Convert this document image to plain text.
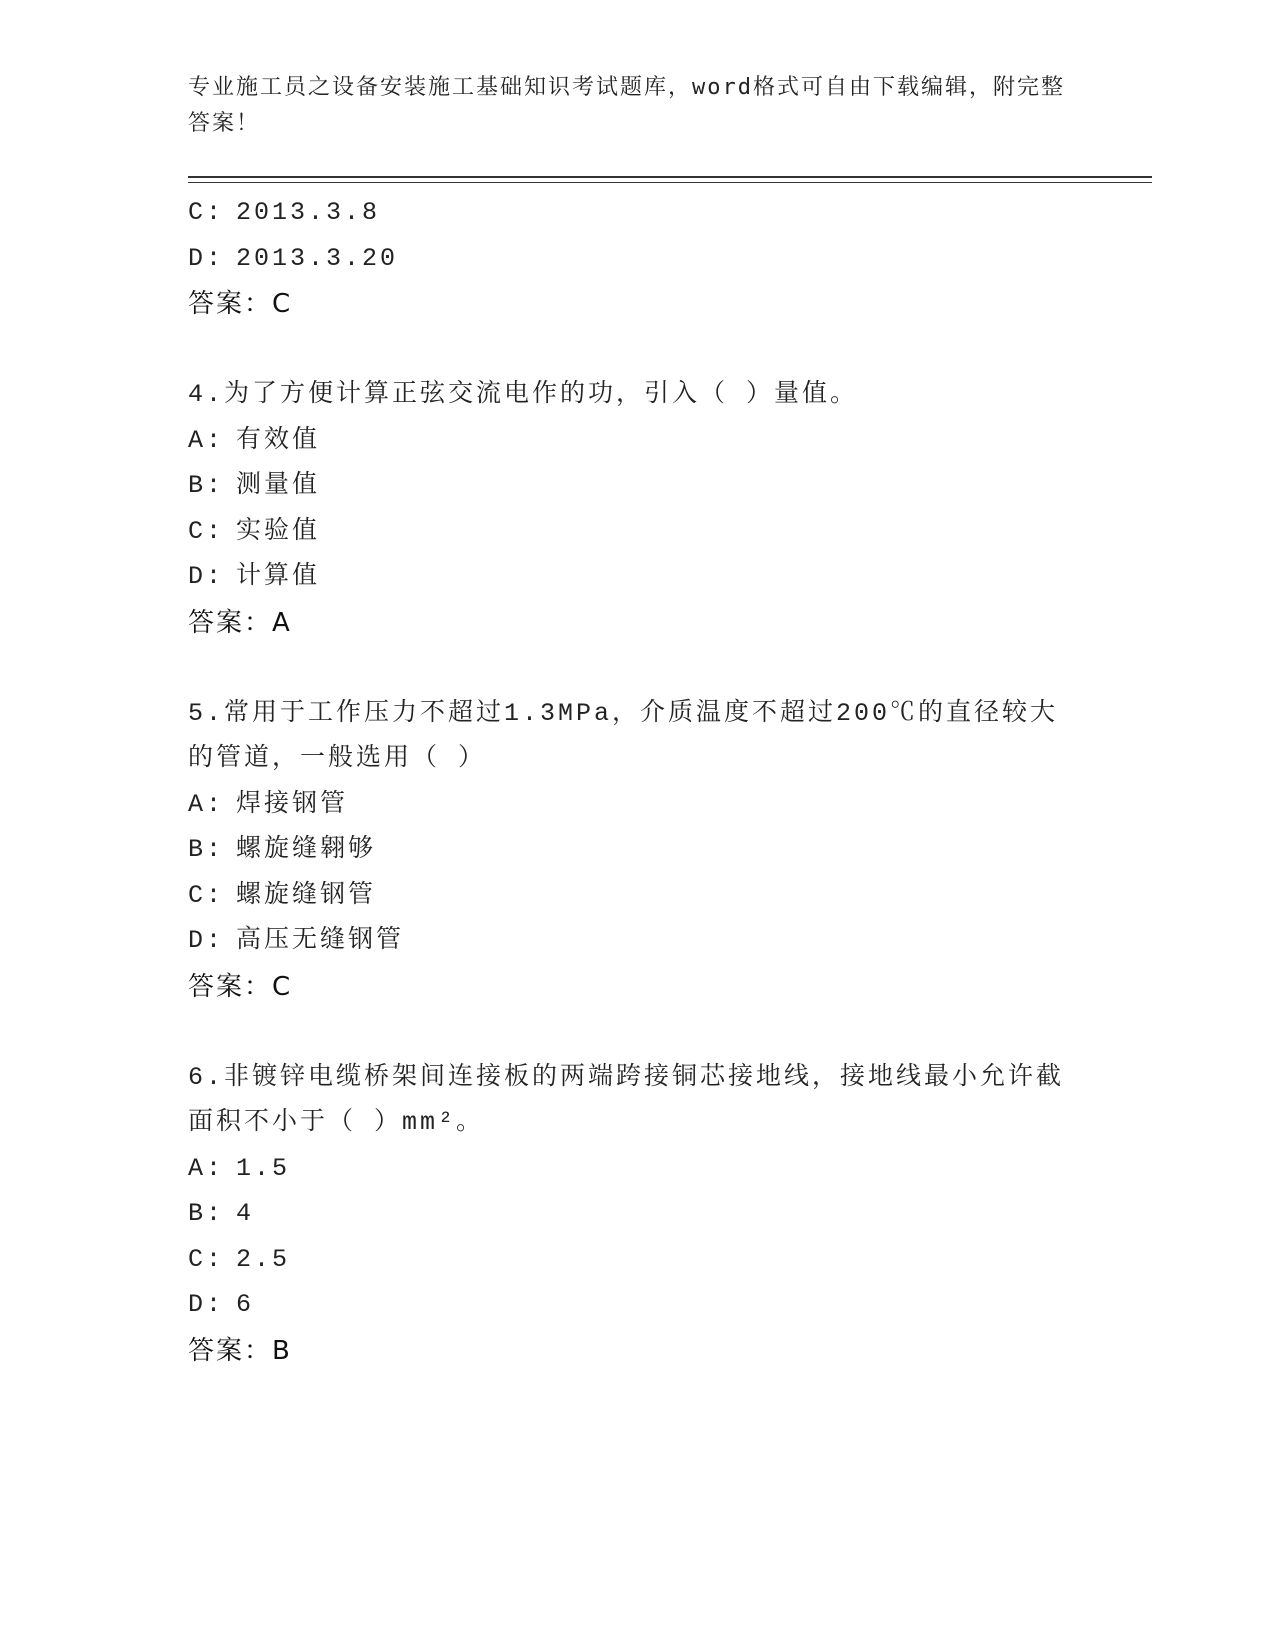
专业施工员之设备安装施工基础知识考试题库，word格式可自由下载编辑，附完整答案！
C: 2013.3.8
D: 2013.3.20
答案：C
4.为了方便计算正弦交流电作的功，引入（ ）量值。
A: 有效值
B: 测量值
C: 实验值
D: 计算值
答案：A
5.常用于工作压力不超过1.3MPa，介质温度不超过200℃的直径较大的管道，一般选用（ ）
A: 焊接钢管
B: 螺旋缝翱够
C: 螺旋缝钢管
D: 高压无缝钢管
答案：C
6.非镀锌电缆桥架间连接板的两端跨接铜芯接地线，接地线最小允许截面积不小于（ ）mm²。
A: 1.5
B: 4
C: 2.5
D: 6
答案：B
